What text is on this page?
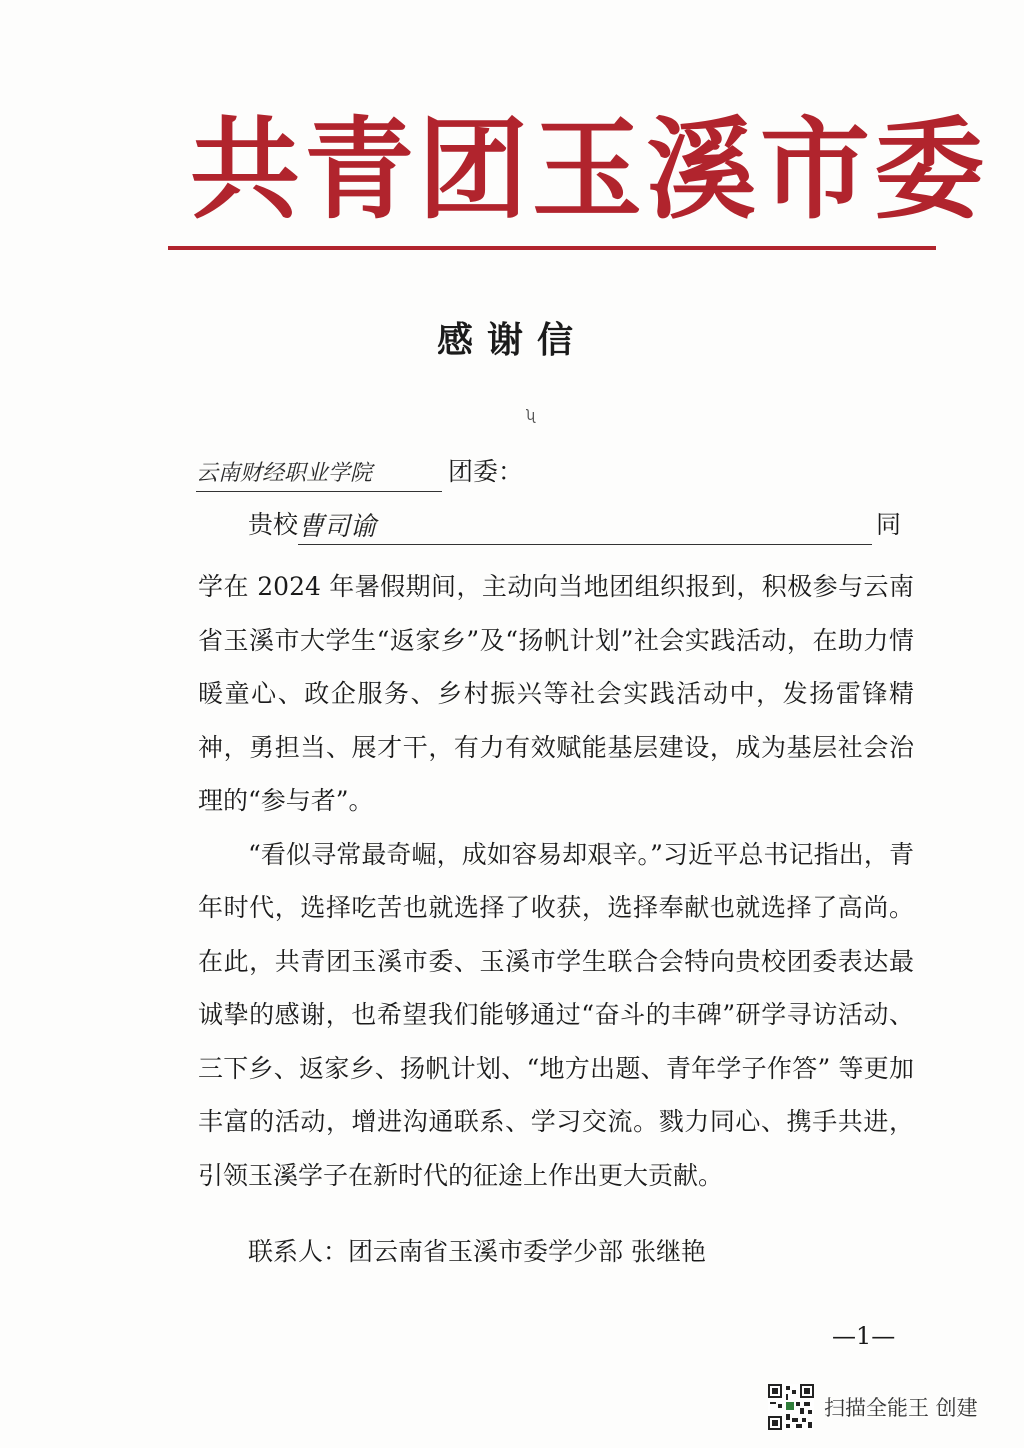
共青团玉溪市委
感谢信
ʯ
云南财经职业学院	团委：
贵校曹司谕	同

学在 2024 年暑假期间，主动向当地团组织报到，积极参与云南省玉溪市大学生“返家乡”及“扬帆计划”社会实践活动，在助力情暖童心、政企服务、乡村振兴等社会实践活动中，发扬雷锋精神，勇担当、展才干，有力有效赋能基层建设，成为基层社会治理的“参与者”。

“看似寻常最奇崛，成如容易却艰辛。”习近平总书记指出，青年时代，选择吃苦也就选择了收获，选择奉献也就选择了高尚。在此，共青团玉溪市委、玉溪市学生联合会特向贵校团委表达最诚挚的感谢，也希望我们能够通过“奋斗的丰碑”研学寻访活动、三下乡、返家乡、扬帆计划、“地方出题、青年学子作答” 等更加丰富的活动，增进沟通联系、学习交流。戮力同心、携手共进，引领玉溪学子在新时代的征途上作出更大贡献。

联系人：团云南省玉溪市委学少部 张继艳
—1—
扫描全能王 创建
